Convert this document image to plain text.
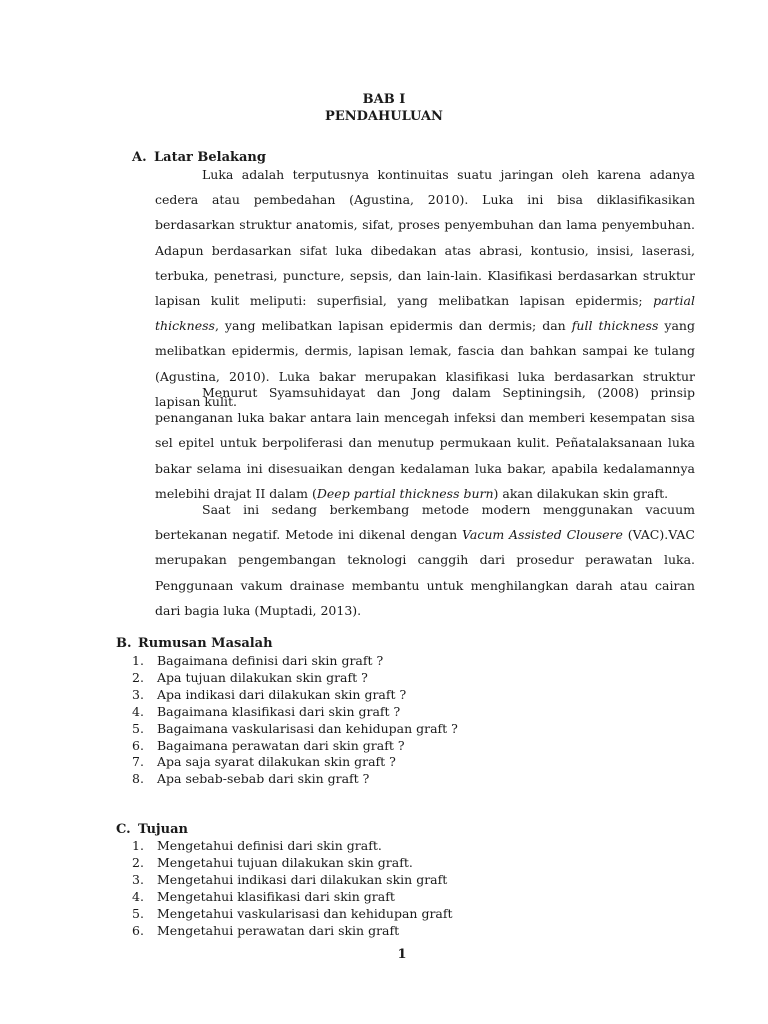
BAB I
PENDAHULUAN
A. Latar Belakang

Luka adalah terputusnya kontinuitas suatu jaringan oleh karena adanya cedera atau pembedahan (Agustina, 2010). Luka ini bisa diklasifikasikan berdasarkan struktur anatomis, sifat, proses penyembuhan dan lama penyembuhan. Adapun berdasarkan sifat luka dibedakan atas abrasi, kontusio, insisi, laserasi, terbuka, penetrasi, puncture, sepsis, dan lain-lain. Klasifikasi berdasarkan struktur lapisan kulit meliputi: superfisial, yang melibatkan lapisan epidermis; partial thickness, yang melibatkan lapisan epidermis dan dermis; dan full thickness yang melibatkan epidermis, dermis, lapisan lemak, fascia dan bahkan sampai ke tulang (Agustina, 2010). Luka bakar merupakan klasifikasi luka berdasarkan struktur lapisan kulit.

Menurut Syamsuhidayat dan Jong dalam Septiningsih, (2008) prinsip penanganan luka bakar antara lain mencegah infeksi dan memberi kesempatan sisa sel epitel untuk berpoliferasi dan menutup permukaan kulit. Peñatalaksanaan luka bakar selama ini disesuaikan dengan kedalaman luka bakar, apabila kedalamannya melebihi drajat II dalam (Deep partial thickness burn) akan dilakukan skin graft.

Saat ini sedang berkembang metode modern menggunakan vacuum bertekanan negatif. Metode ini dikenal dengan Vacum Assisted Clousere (VAC).VAC merupakan pengembangan teknologi canggih dari prosedur perawatan luka. Penggunaan vakum drainase membantu untuk menghilangkan darah atau cairan dari bagia luka (Muptadi, 2013).

B. Rumusan Masalah
1. Bagaimana definisi dari skin graft ?
2. Apa tujuan dilakukan skin graft ?
3. Apa indikasi dari dilakukan skin graft ?
4. Bagaimana klasifikasi dari skin graft ?
5. Bagaimana vaskularisasi dan kehidupan graft ?
6. Bagaimana perawatan dari skin graft ?
7. Apa saja syarat dilakukan skin graft ?
8. Apa sebab-sebab dari skin graft ?
C. Tujuan
1. Mengetahui definisi dari skin graft.
2. Mengetahui tujuan dilakukan skin graft.
3. Mengetahui indikasi dari dilakukan skin graft
4. Mengetahui klasifikasi dari skin graft
5. Mengetahui vaskularisasi dan kehidupan graft
6. Mengetahui perawatan dari skin graft
1
